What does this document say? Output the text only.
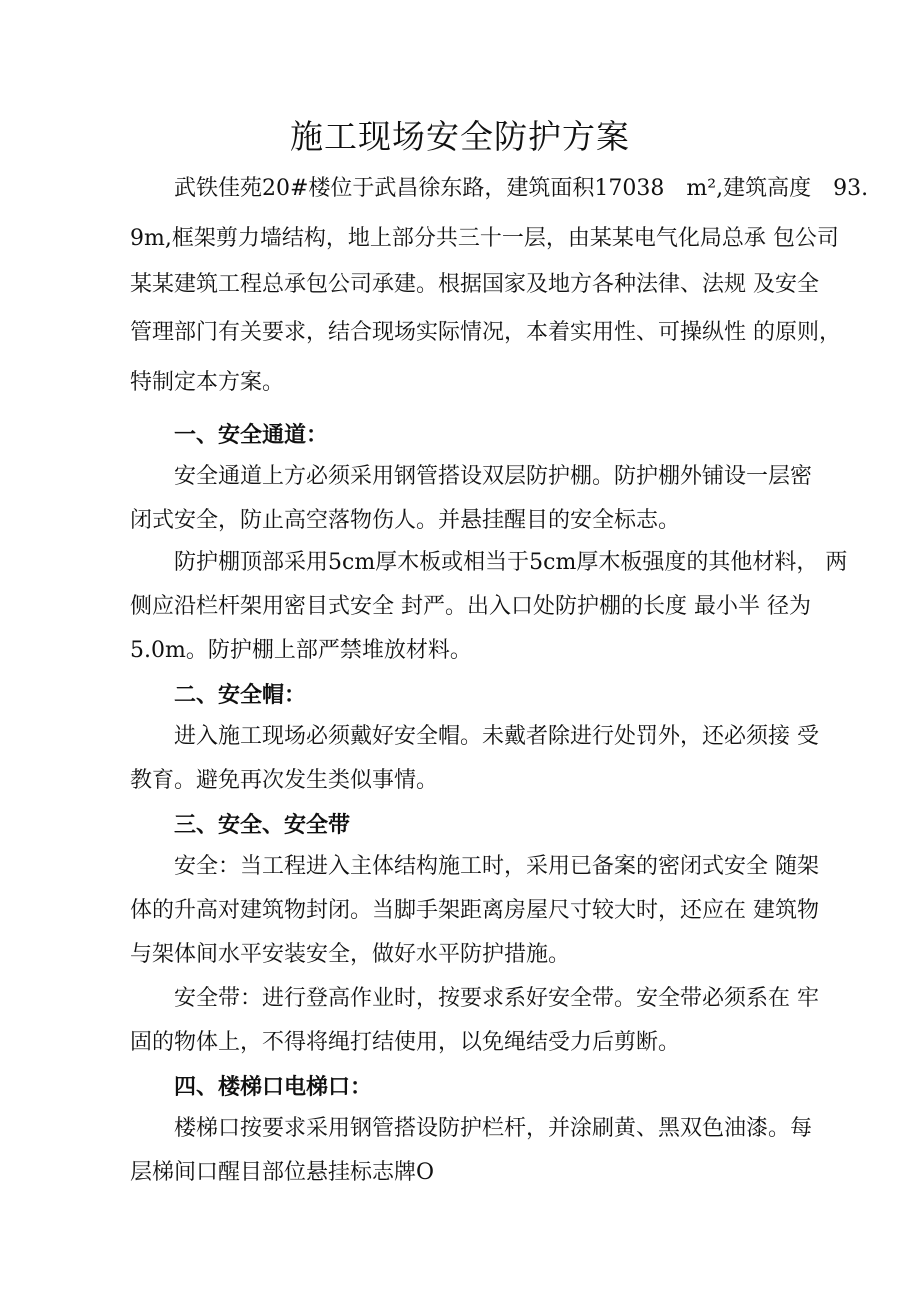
施工现场安全防护方案
武铁佳苑20#楼位于武昌徐东路，建筑面积17038　m²,建筑高度　93.
9m,框架剪力墙结构，地上部分共三十一层，由某某电气化局总承 包公司
某某建筑工程总承包公司承建。根据国家及地方各种法律、法规 及安全
管理部门有关要求，结合现场实际情况，本着实用性、可操纵性 的原则，
特制定本方案。
一、安全通道：
安全通道上方必须采用钢管搭设双层防护棚。防护棚外铺设一层密
闭式安全，防止高空落物伤人。并悬挂醒目的安全标志。
防护棚顶部采用5cm厚木板或相当于5cm厚木板强度的其他材料， 两
侧应沿栏杆架用密目式安全 封严。出入口处防护棚的长度 最小半 径为
5.0m。防护棚上部严禁堆放材料。
二、安全帽：
进入施工现场必须戴好安全帽。未戴者除进行处罚外，还必须接 受
教育。避免再次发生类似事情。
三、安全、安全带
安全：当工程进入主体结构施工时，采用已备案的密闭式安全 随架
体的升高对建筑物封闭。当脚手架距离房屋尺寸较大时，还应在 建筑物
与架体间水平安装安全，做好水平防护措施。
安全带：进行登高作业时，按要求系好安全带。安全带必须系在 牢
固的物体上，不得将绳打结使用，以免绳结受力后剪断。
四、楼梯口电梯口：
楼梯口按要求采用钢管搭设防护栏杆，并涂刷黄、黑双色油漆。每
层梯间口醒目部位悬挂标志牌O
